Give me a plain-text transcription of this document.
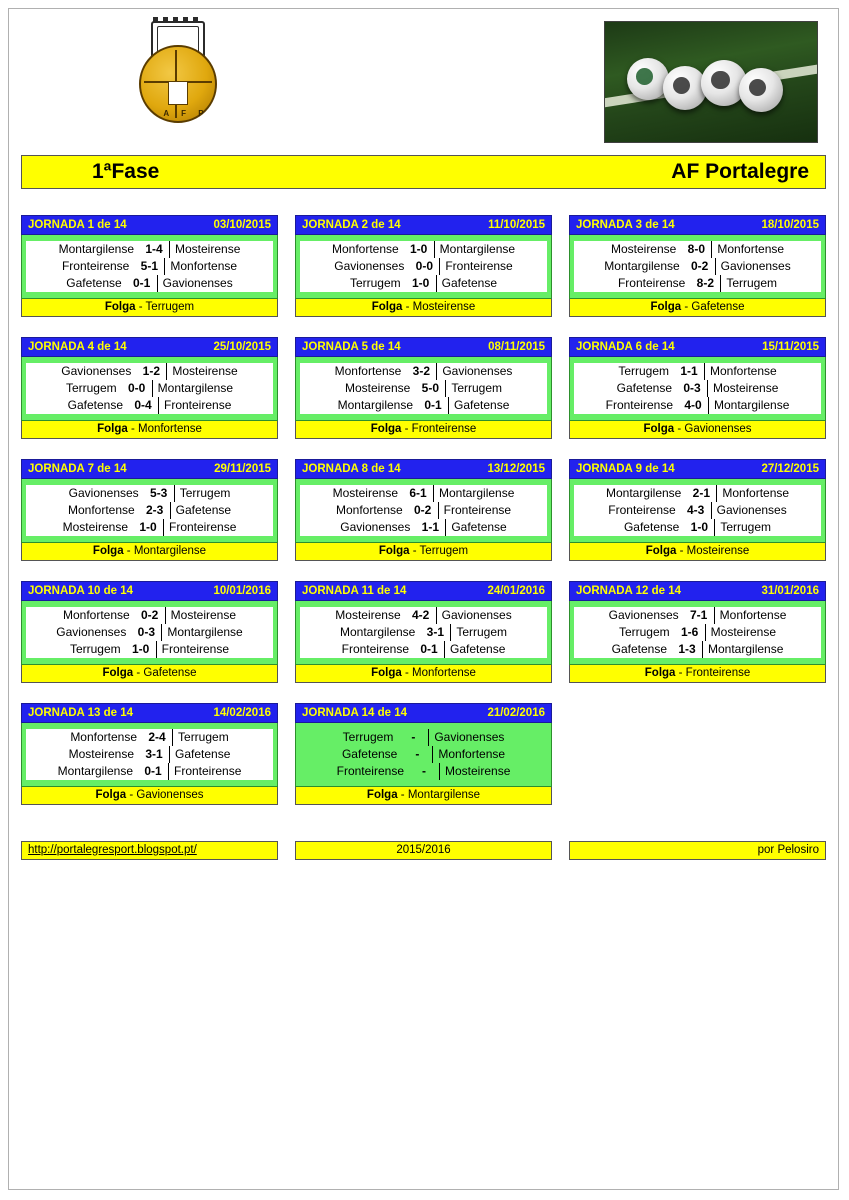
A F P
1ªFase	AF Portalegre
JORNADA 1 de 14	03/10/2015
Montargilense 1-4	Mosteirense
Fronteirense 5-1	Monfortense
Gafetense 0-1	Gavionenses
Folga - Terrugem
JORNADA 2 de 14	11/10/2015
Monfortense 1-0	Montargilense
Gavionenses 0-0	Fronteirense
Terrugem 1-0	Gafetense
Folga - Mosteirense
JORNADA 3 de 14	18/10/2015
Mosteirense 8-0	Monfortense
Montargilense 0-2	Gavionenses
Fronteirense 8-2	Terrugem
Folga - Gafetense
JORNADA 4 de 14	25/10/2015
Gavionenses 1-2	Mosteirense
Terrugem 0-0	Montargilense
Gafetense 0-4	Fronteirense
Folga - Monfortense
JORNADA 5 de 14	08/11/2015
Monfortense 3-2	Gavionenses
Mosteirense 5-0	Terrugem
Montargilense 0-1	Gafetense
Folga - Fronteirense
JORNADA 6 de 14	15/11/2015
Terrugem 1-1	Monfortense
Gafetense 0-3	Mosteirense
Fronteirense 4-0	Montargilense
Folga - Gavionenses
JORNADA 7 de 14	29/11/2015
Gavionenses 5-3	Terrugem
Monfortense 2-3	Gafetense
Mosteirense 1-0	Fronteirense
Folga - Montargilense
JORNADA 8 de 14	13/12/2015
Mosteirense 6-1	Montargilense
Monfortense 0-2	Fronteirense
Gavionenses 1-1	Gafetense
Folga - Terrugem
JORNADA 9 de 14	27/12/2015
Montargilense 2-1	Monfortense
Fronteirense 4-3	Gavionenses
Gafetense 1-0	Terrugem
Folga - Mosteirense
JORNADA 10 de 14	10/01/2016
Monfortense 0-2	Mosteirense
Gavionenses 0-3	Montargilense
Terrugem 1-0	Fronteirense
Folga - Gafetense
JORNADA 11 de 14	24/01/2016
Mosteirense 4-2	Gavionenses
Montargilense 3-1	Terrugem
Fronteirense 0-1	Gafetense
Folga - Monfortense
JORNADA 12 de 14	31/01/2016
Gavionenses 7-1	Monfortense
Terrugem 1-6	Mosteirense
Gafetense 1-3	Montargilense
Folga - Fronteirense
JORNADA 13 de 14	14/02/2016
Monfortense 2-4	Terrugem
Mosteirense 3-1	Gafetense
Montargilense 0-1	Fronteirense
Folga - Gavionenses
JORNADA 14 de 14	21/02/2016
Terrugem	-	Gavionenses
Gafetense	-	Monfortense
Fronteirense	-	Mosteirense
Folga - Montargilense
http://portalegresport.blogspot.pt/	2015/2016	por Pelosiro
